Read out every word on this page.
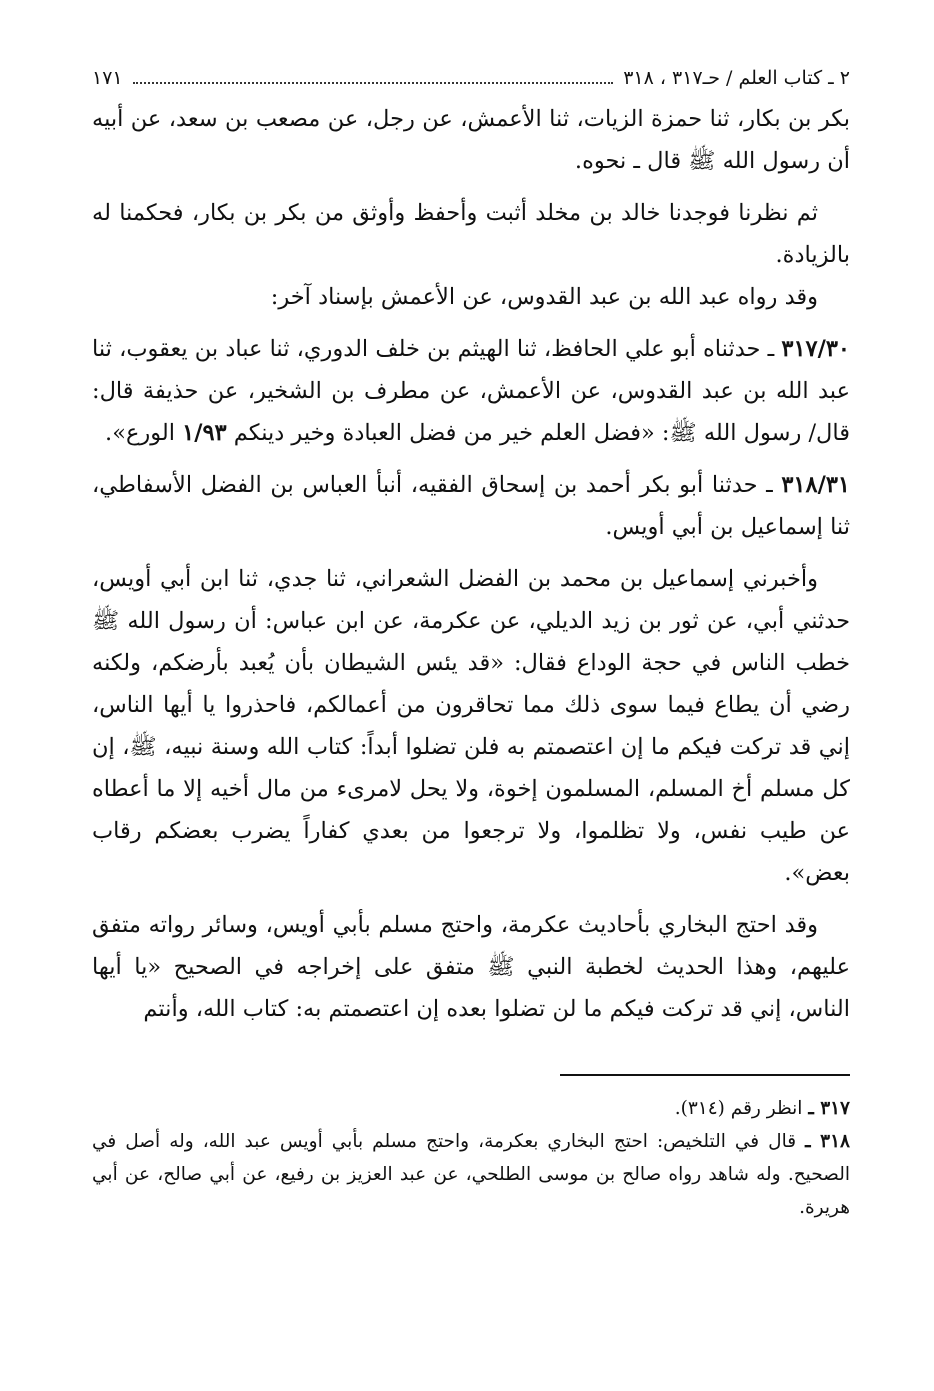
٢ ـ كتاب العلم / حـ٣١٧ ، ٣١٨
١٧١

بكر بن بكار، ثنا حمزة الزيات، ثنا الأعمش، عن رجل، عن مصعب بن سعد، عن أبيه أن رسول الله ﷺ قال ـ نحوه.

ثم نظرنا فوجدنا خالد بن مخلد أثبت وأحفظ وأوثق من بكر بن بكار، فحكمنا له بالزيادة.

وقد رواه عبد الله بن عبد القدوس، عن الأعمش بإسناد آخر:

٣١٧/٣٠ ـ حدثناه أبو علي الحافظ، ثنا الهيثم بن خلف الدوري، ثنا عباد بن يعقوب، ثنا عبد الله بن عبد القدوس، عن الأعمش، عن مطرف بن الشخير، عن حذيفة قال: قال/ رسول الله ﷺ: «فضل العلم خير من فضل العبادة وخير دينكم ١/٩٣ الورع».

٣١٨/٣١ ـ حدثنا أبو بكر أحمد بن إسحاق الفقيه، أنبأ العباس بن الفضل الأسفاطي، ثنا إسماعيل بن أبي أويس.

وأخبرني إسماعيل بن محمد بن الفضل الشعراني، ثنا جدي، ثنا ابن أبي أويس، حدثني أبي، عن ثور بن زيد الديلي، عن عكرمة، عن ابن عباس: أن رسول الله ﷺ خطب الناس في حجة الوداع فقال: «قد يئس الشيطان بأن يُعبد بأرضكم، ولكنه رضي أن يطاع فيما سوى ذلك مما تحاقرون من أعمالكم، فاحذروا يا أيها الناس، إني قد تركت فيكم ما إن اعتصمتم به فلن تضلوا أبداً: كتاب الله وسنة نبيه، ﷺ، إن كل مسلم أخ المسلم، المسلمون إخوة، ولا يحل لامرىء من مال أخيه إلا ما أعطاه عن طيب نفس، ولا تظلموا، ولا ترجعوا من بعدي كفاراً يضرب بعضكم رقاب بعض».

وقد احتج البخاري بأحاديث عكرمة، واحتج مسلم بأبي أويس، وسائر رواته متفق عليهم، وهذا الحديث لخطبة النبي ﷺ متفق على إخراجه في الصحيح «يا أيها الناس، إني قد تركت فيكم ما لن تضلوا بعده إن اعتصمتم به: كتاب الله، وأنتم

٣١٧ ـ انظر رقم (٣١٤).

٣١٨ ـ قال في التلخيص: احتج البخاري بعكرمة، واحتج مسلم بأبي أويس عبد الله، وله أصل في الصحيح. وله شاهد رواه صالح بن موسى الطلحي، عن عبد العزيز بن رفيع، عن أبي صالح، عن أبي هريرة.
